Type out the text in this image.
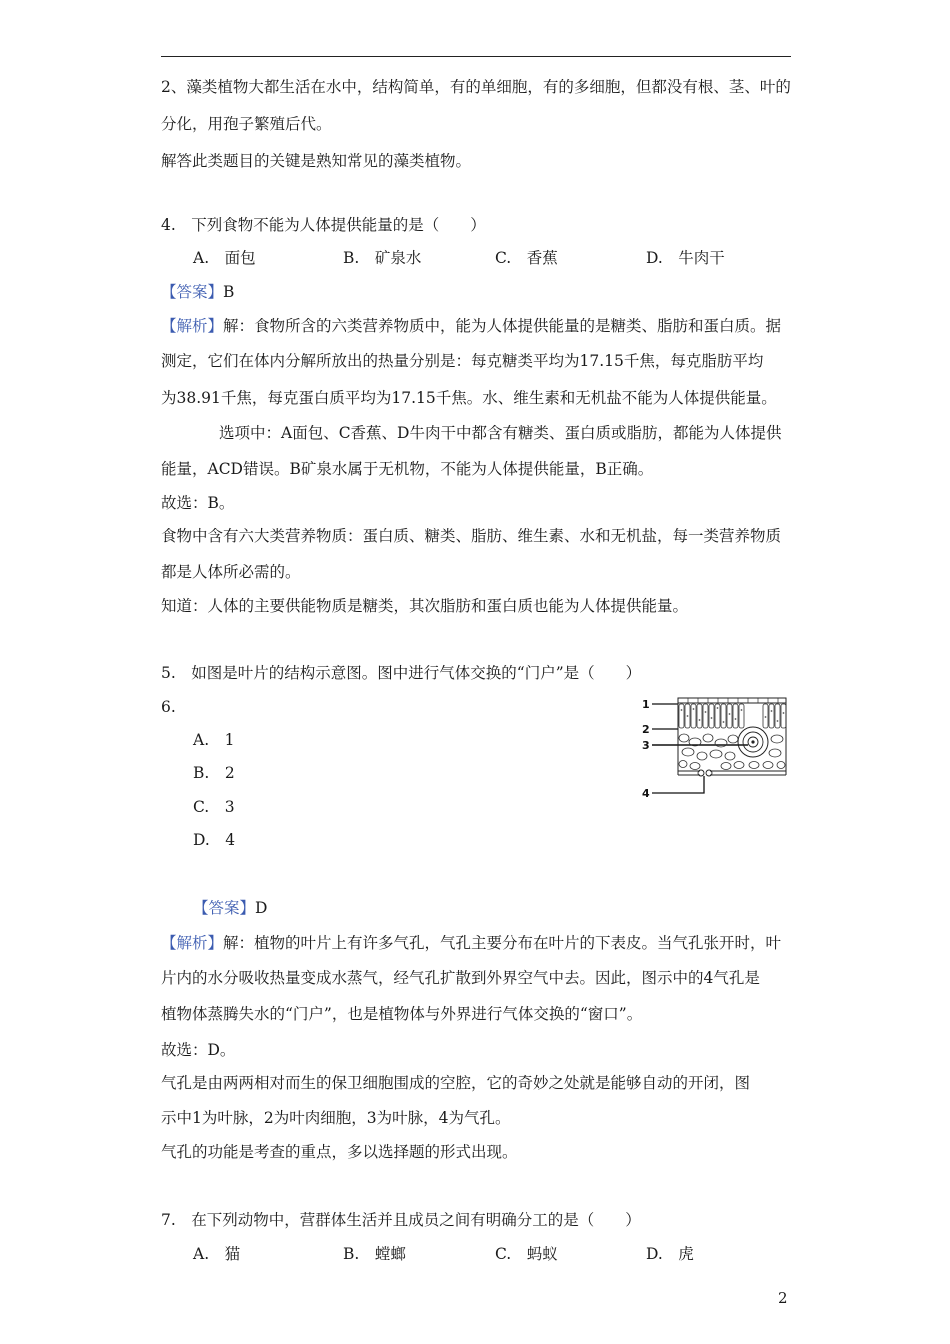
2、藻类植物大都生活在水中，结构简单，有的单细胞，有的多细胞，但都没有根、茎、叶的
分化，用孢子繁殖后代。
解答此类题目的关键是熟知常见的藻类植物。
4.　下列食物不能为人体提供能量的是（　　）
A.　面包	B.　矿泉水	C.　香蕉	D.　牛肉干
【答案】B
【解析】解：食物所含的六类营养物质中，能为人体提供能量的是糖类、脂肪和蛋白质。据
测定，它们在体内分解所放出的热量分别是：每克糖类平均为17.15千焦，每克脂肪平均
为38.91千焦，每克蛋白质平均为17.15千焦。水、维生素和无机盐不能为人体提供能量。
选项中：A面包、C香蕉、D牛肉干中都含有糖类、蛋白质或脂肪，都能为人体提供
能量，ACD错误。B矿泉水属于无机物，不能为人体提供能量，B正确。
故选：B。
食物中含有六大类营养物质：蛋白质、糖类、脂肪、维生素、水和无机盐，每一类营养物质
都是人体所必需的。
知道：人体的主要供能物质是糖类，其次脂肪和蛋白质也能为人体提供能量。
5.　如图是叶片的结构示意图。图中进行气体交换的“门户”是（　　）
6.
A.　1
B.　2
C.　3
D.　4
1
2
3
4
【答案】D
【解析】解：植物的叶片上有许多气孔，气孔主要分布在叶片的下表皮。当气孔张开时，叶
片内的水分吸收热量变成水蒸气，经气孔扩散到外界空气中去。因此，图示中的4气孔是
植物体蒸腾失水的“门户”，也是植物体与外界进行气体交换的“窗口”。
故选：D。
气孔是由两两相对而生的保卫细胞围成的空腔，它的奇妙之处就是能够自动的开闭，图
示中1为叶脉，2为叶肉细胞，3为叶脉，4为气孔。
气孔的功能是考查的重点，多以选择题的形式出现。
7.　在下列动物中，营群体生活并且成员之间有明确分工的是（　　）
A.　猫	B.　螳螂	C.　蚂蚁	D.　虎
2
